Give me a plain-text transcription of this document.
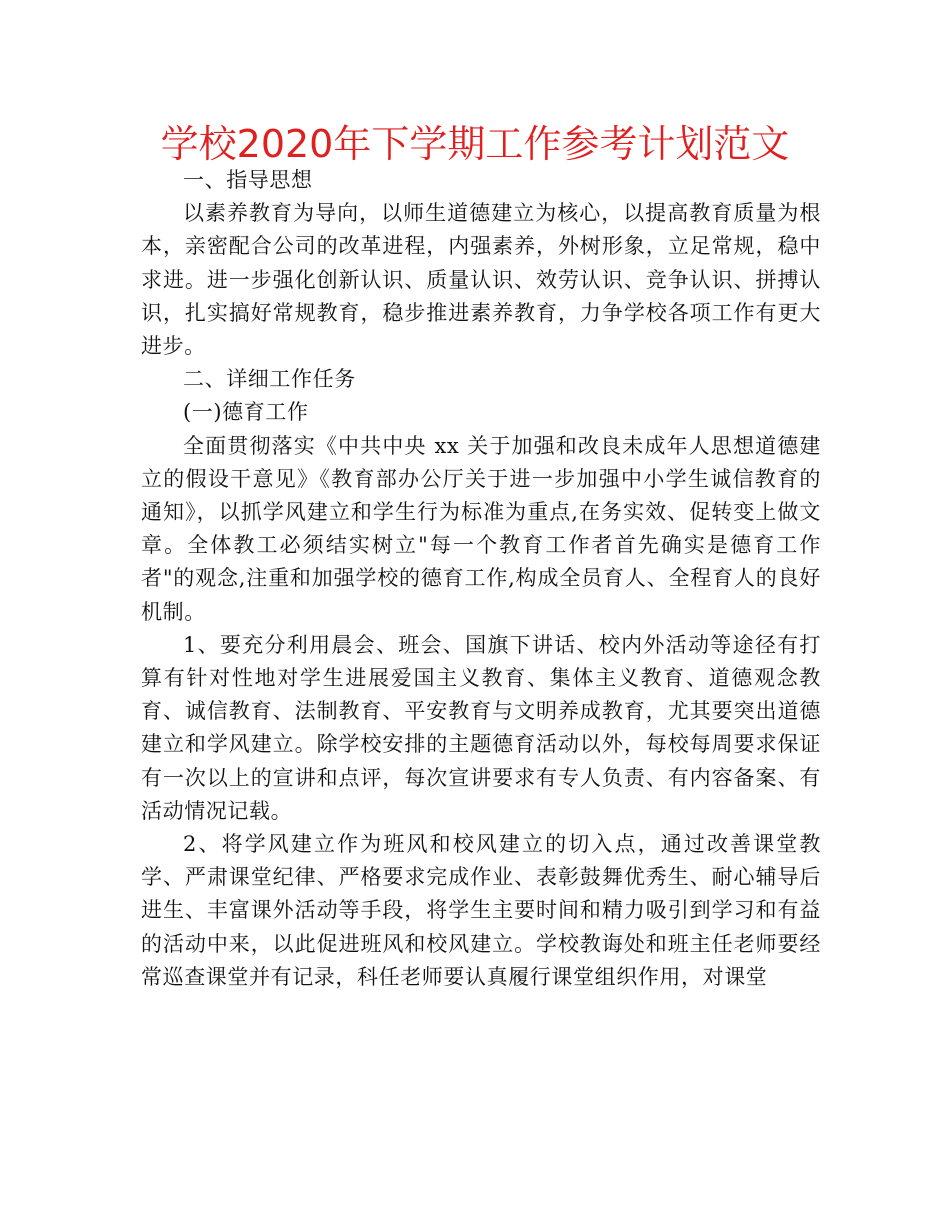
学校2020年下学期工作参考计划范文

一、指导思想

以素养教育为导向，以师生道德建立为核心，以提高教育质量为根本，亲密配合公司的改革进程，内强素养，外树形象，立足常规，稳中求进。进一步强化创新认识、质量认识、效劳认识、竞争认识、拼搏认识，扎实搞好常规教育，稳步推进素养教育，力争学校各项工作有更大进步。

二、详细工作任务

(一)德育工作

全面贯彻落实《中共中央 xx 关于加强和改良未成年人思想道德建立的假设干意见》《教育部办公厅关于进一步加强中小学生诚信教育的通知》，以抓学风建立和学生行为标准为重点,在务实效、促转变上做文章。全体教工必须结实树立"每一个教育工作者首先确实是德育工作者"的观念,注重和加强学校的德育工作,构成全员育人、全程育人的良好机制。

1、要充分利用晨会、班会、国旗下讲话、校内外活动等途径有打算有针对性地对学生进展爱国主义教育、集体主义教育、道德观念教育、诚信教育、法制教育、平安教育与文明养成教育，尤其要突出道德建立和学风建立。除学校安排的主题德育活动以外，每校每周要求保证有一次以上的宣讲和点评，每次宣讲要求有专人负责、有内容备案、有活动情况记载。

2、将学风建立作为班风和校风建立的切入点，通过改善课堂教学、严肃课堂纪律、严格要求完成作业、表彰鼓舞优秀生、耐心辅导后进生、丰富课外活动等手段，将学生主要时间和精力吸引到学习和有益的活动中来，以此促进班风和校风建立。学校教诲处和班主任老师要经常巡查课堂并有记录，科任老师要认真履行课堂组织作用，对课堂
